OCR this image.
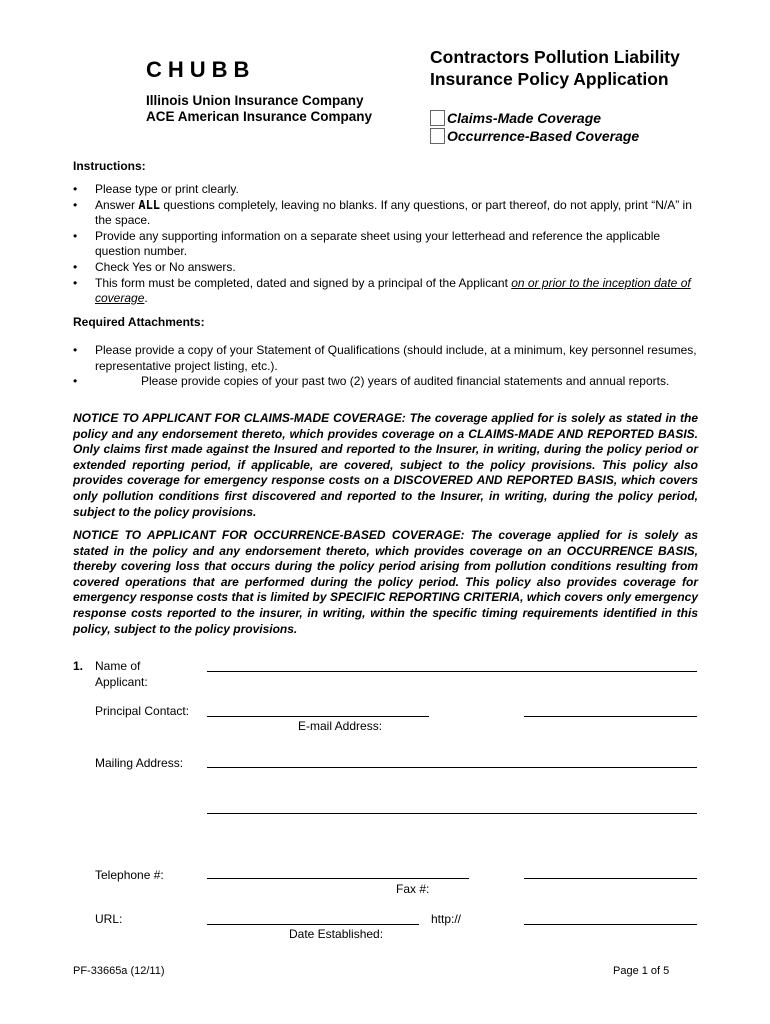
CHUBB	Contractors Pollution Liability
Insurance Policy Application
Illinois Union Insurance Company
ACE American Insurance Company	Claims-Made Coverage
Occurrence-Based Coverage
Instructions:
• Please type or print clearly.
• Answer ALL questions completely, leaving no blanks. If any questions, or part thereof, do not apply, print “N/A” in the space.
• Provide any supporting information on a separate sheet using your letterhead and reference the applicable question number.
• Check Yes or No answers.
• This form must be completed, dated and signed by a principal of the Applicant on or prior to the inception date of coverage.
Required Attachments:
• Please provide a copy of your Statement of Qualifications (should include, at a minimum, key personnel resumes, representative project listing, etc.).
• Please provide copies of your past two (2) years of audited financial statements and annual reports.
NOTICE TO APPLICANT FOR CLAIMS-MADE COVERAGE: The coverage applied for is solely as stated in the policy and any endorsement thereto, which provides coverage on a CLAIMS-MADE AND REPORTED BASIS. Only claims first made against the Insured and reported to the Insurer, in writing, during the policy period or extended reporting period, if applicable, are covered, subject to the policy provisions. This policy also provides coverage for emergency response costs on a DISCOVERED AND REPORTED BASIS, which covers only pollution conditions first discovered and reported to the Insurer, in writing, during the policy period, subject to the policy provisions.
NOTICE TO APPLICANT FOR OCCURRENCE-BASED COVERAGE: The coverage applied for is solely as stated in the policy and any endorsement thereto, which provides coverage on an OCCURRENCE BASIS, thereby covering loss that occurs during the policy period arising from pollution conditions resulting from covered operations that are performed during the policy period. This policy also provides coverage for emergency response costs that is limited by SPECIFIC REPORTING CRITERIA, which covers only emergency response costs reported to the insurer, in writing, within the specific timing requirements identified in this policy, subject to the policy provisions.
1. Name of
Applicant:
Principal Contact:
E-mail Address:
Mailing Address:
Telephone #:
Fax #:
URL:	http://
Date Established:
PF-33665a (12/11)	Page 1 of 5
